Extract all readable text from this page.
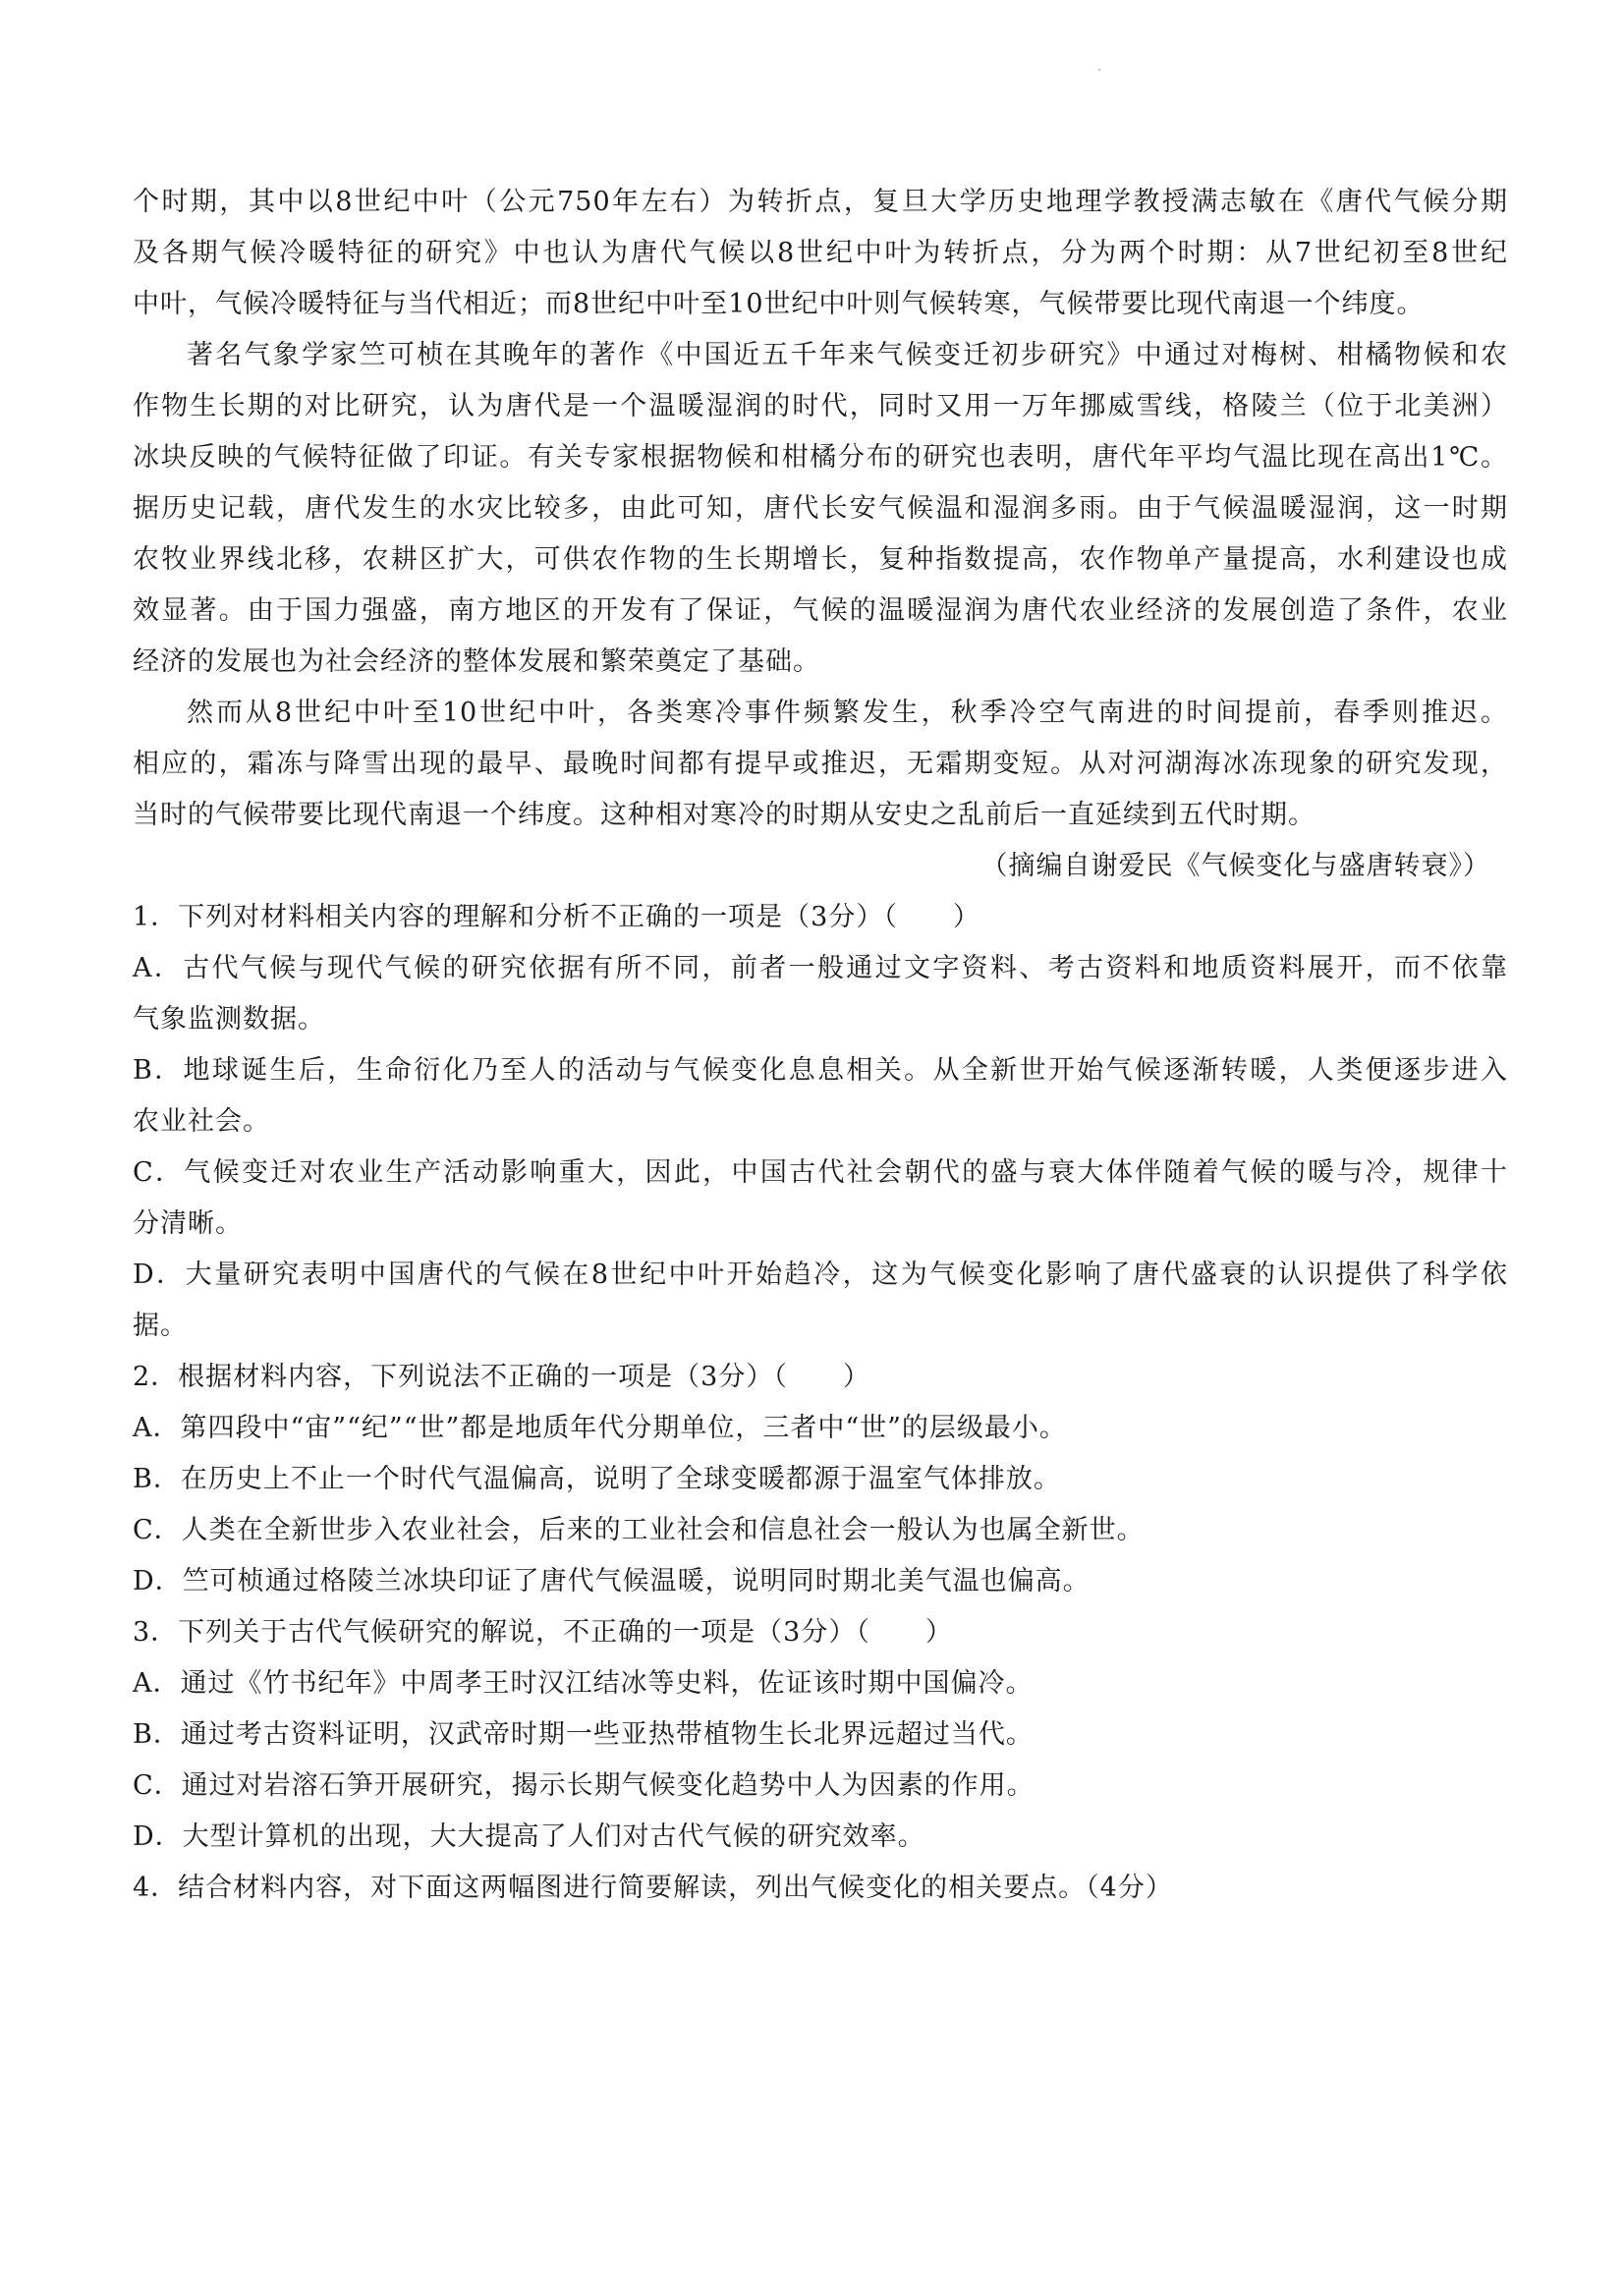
个时期，其中以8世纪中叶（公元750年左右）为转折点，复旦大学历史地理学教授满志敏在《唐代气候分期
及各期气候冷暖特征的研究》中也认为唐代气候以8世纪中叶为转折点，分为两个时期：从7世纪初至8世纪
中叶，气候冷暖特征与当代相近；而8世纪中叶至10世纪中叶则气候转寒，气候带要比现代南退一个纬度。
著名气象学家竺可桢在其晚年的著作《中国近五千年来气候变迁初步研究》中通过对梅树、柑橘物候和农
作物生长期的对比研究，认为唐代是一个温暖湿润的时代，同时又用一万年挪威雪线，格陵兰（位于北美洲）
冰块反映的气候特征做了印证。有关专家根据物候和柑橘分布的研究也表明，唐代年平均气温比现在高出1℃。
据历史记载，唐代发生的水灾比较多，由此可知，唐代长安气候温和湿润多雨。由于气候温暖湿润，这一时期
农牧业界线北移，农耕区扩大，可供农作物的生长期增长，复种指数提高，农作物单产量提高，水利建设也成
效显著。由于国力强盛，南方地区的开发有了保证，气候的温暖湿润为唐代农业经济的发展创造了条件，农业
经济的发展也为社会经济的整体发展和繁荣奠定了基础。
然而从8世纪中叶至10世纪中叶，各类寒冷事件频繁发生，秋季冷空气南进的时间提前，春季则推迟。
相应的，霜冻与降雪出现的最早、最晚时间都有提早或推迟，无霜期变短。从对河湖海冰冻现象的研究发现，
当时的气候带要比现代南退一个纬度。这种相对寒冷的时期从安史之乱前后一直延续到五代时期。
（摘编自谢爱民《气候变化与盛唐转衰》）
1．下列对材料相关内容的理解和分析不正确的一项是（3分）（　　）
A．古代气候与现代气候的研究依据有所不同，前者一般通过文字资料、考古资料和地质资料展开，而不依靠
气象监测数据。
B．地球诞生后，生命衍化乃至人的活动与气候变化息息相关。从全新世开始气候逐渐转暖，人类便逐步进入
农业社会。
C．气候变迁对农业生产活动影响重大，因此，中国古代社会朝代的盛与衰大体伴随着气候的暖与冷，规律十
分清晰。
D．大量研究表明中国唐代的气候在8世纪中叶开始趋冷，这为气候变化影响了唐代盛衰的认识提供了科学依
据。
2．根据材料内容，下列说法不正确的一项是（3分）（　　）
A．第四段中“宙”“纪”“世”都是地质年代分期单位，三者中“世”的层级最小。
B．在历史上不止一个时代气温偏高，说明了全球变暖都源于温室气体排放。
C．人类在全新世步入农业社会，后来的工业社会和信息社会一般认为也属全新世。
D．竺可桢通过格陵兰冰块印证了唐代气候温暖，说明同时期北美气温也偏高。
3．下列关于古代气候研究的解说，不正确的一项是（3分）（　　）
A．通过《竹书纪年》中周孝王时汉江结冰等史料，佐证该时期中国偏冷。
B．通过考古资料证明，汉武帝时期一些亚热带植物生长北界远超过当代。
C．通过对岩溶石笋开展研究，揭示长期气候变化趋势中人为因素的作用。
D．大型计算机的出现，大大提高了人们对古代气候的研究效率。
4．结合材料内容，对下面这两幅图进行简要解读，列出气候变化的相关要点。（4分）
